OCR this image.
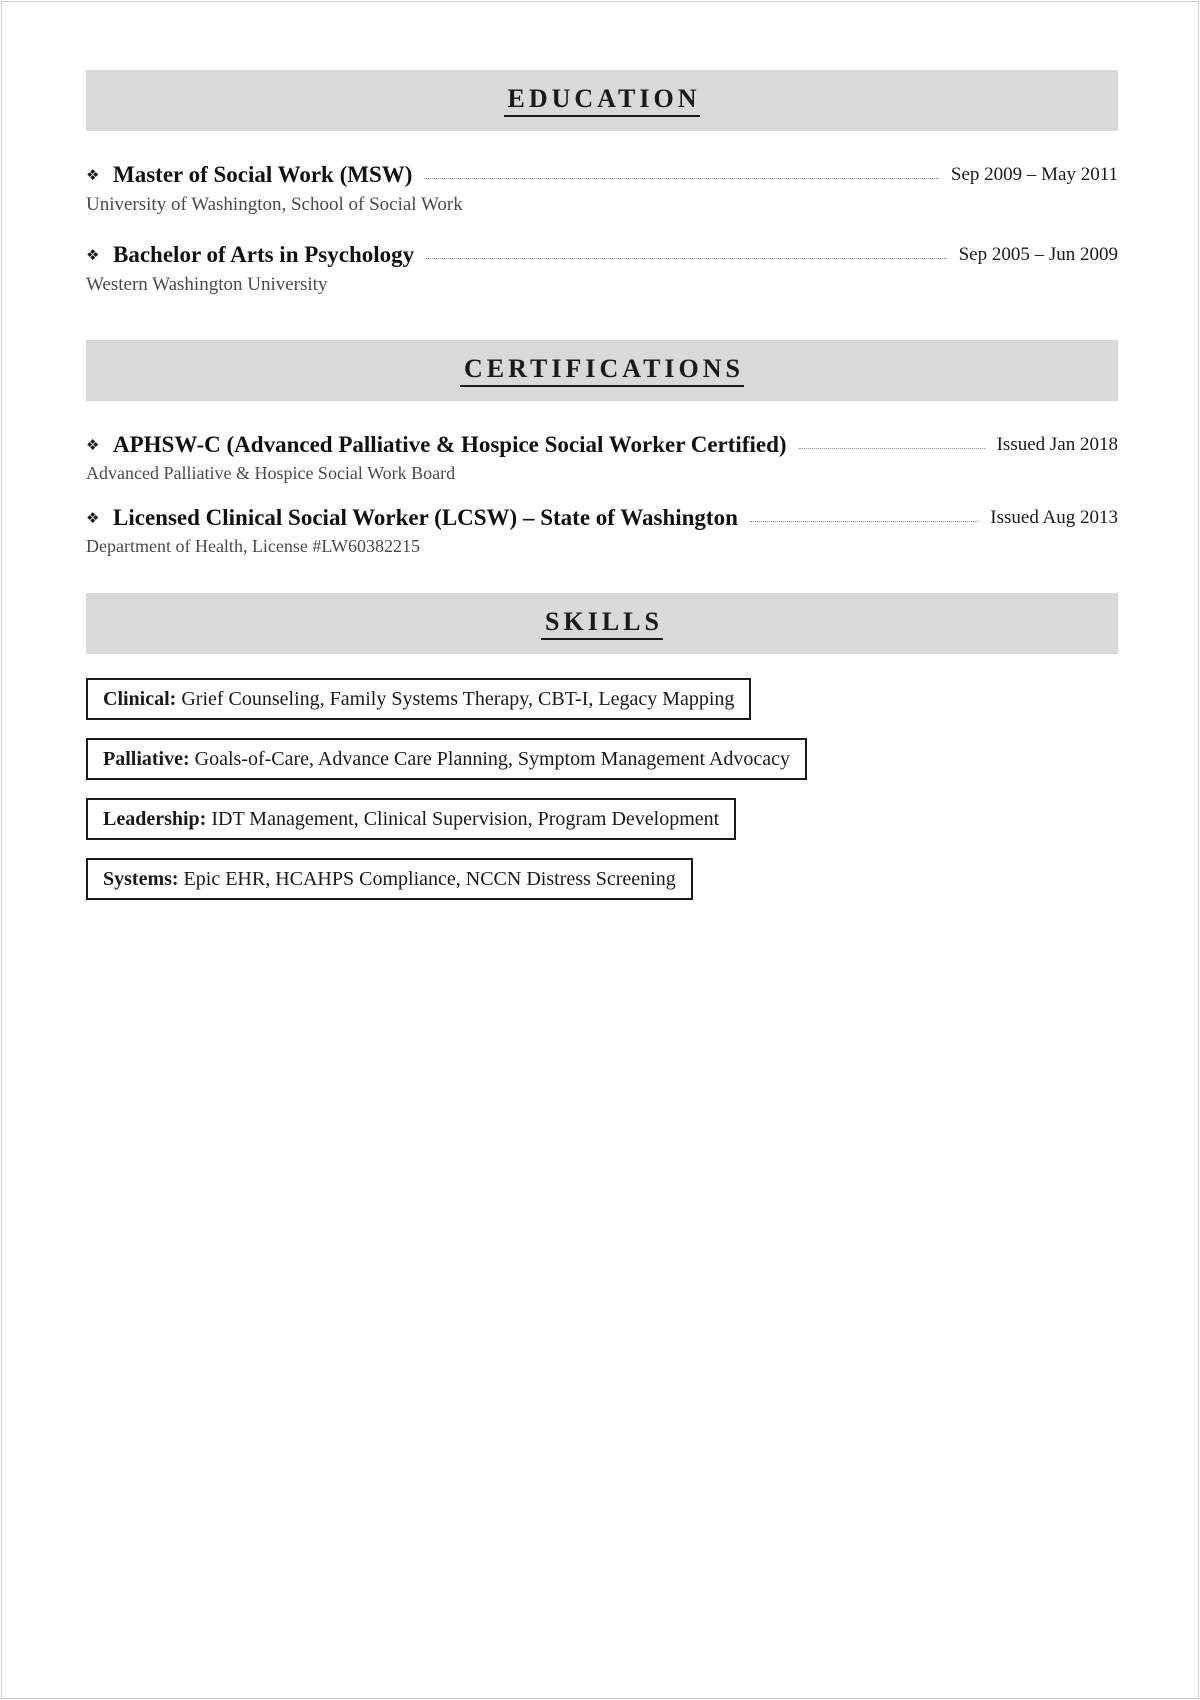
EDUCATION
❖ Master of Social Work (MSW)	Sep 2009 – May 2011
University of Washington, School of Social Work
❖ Bachelor of Arts in Psychology	Sep 2005 – Jun 2009
Western Washington University
CERTIFICATIONS
❖ APHSW-C (Advanced Palliative & Hospice Social Worker Certified)	Issued Jan 2018
Advanced Palliative & Hospice Social Work Board
❖ Licensed Clinical Social Worker (LCSW) – State of Washington	Issued Aug 2013
Department of Health, License #LW60382215
SKILLS
Clinical: Grief Counseling, Family Systems Therapy, CBT-I, Legacy Mapping
Palliative: Goals-of-Care, Advance Care Planning, Symptom Management Advocacy
Leadership: IDT Management, Clinical Supervision, Program Development
Systems: Epic EHR, HCAHPS Compliance, NCCN Distress Screening
